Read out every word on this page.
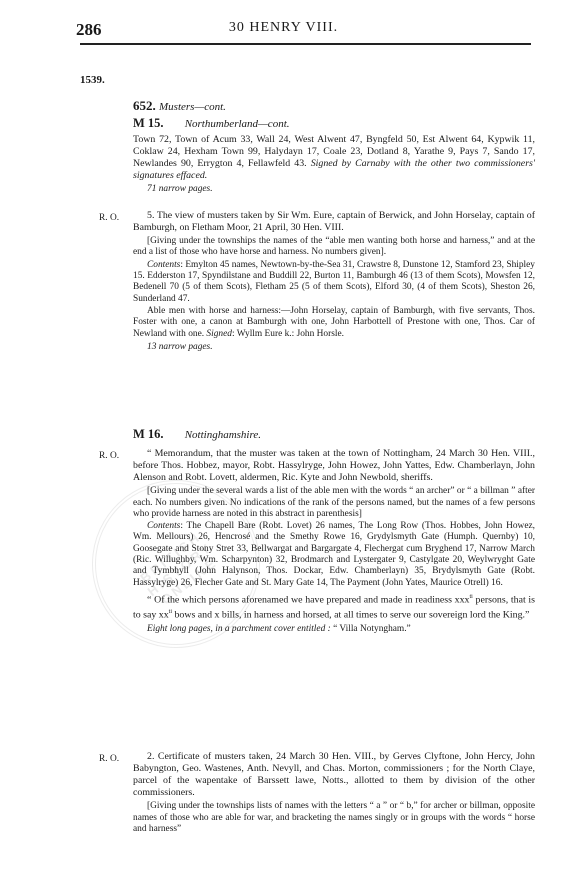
286	30 HENRY VIII.
1539.
BRITISH HISTORY ONLINE
652. Musters—cont.
M 15. Northumberland—cont.

Town 72, Town of Acum 33, Wall 24, West Alwent 47, Byngfeld 50, Est Alwent 64, Kypwik 11, Coklaw 24, Hexham Town 99, Halydayn 17, Coale 23, Dotland 8, Yarathe 9, Pays 7, Sando 17, Newlandes 90, Errygton 4, Fellawfeld 43. Signed by Carnaby with the other two commissioners' signatures effaced.

71 narrow pages.

R. O.	5. The view of musters taken by Sir Wm. Eure, captain of Berwick, and John Horselay, captain of Bamburgh, on Fletham Moor, 21 April, 30 Hen. VIII.

[Giving under the townships the names of the “able men wanting both horse and harness,” and at the end a list of those who have horse and harness. No numbers given].

Contents: Emylton 45 names, Newtown-by-the-Sea 31, Crawstre 8, Dunstone 12, Stamford 23, Shipley 15. Edderston 17, Spyndilstane and Buddill 22, Burton 11, Bamburgh 46 (13 of them Scots), Mowsfen 12, Bedenell 70 (5 of them Scots), Fletham 25 (5 of them Scots), Elford 30, (4 of them Scots), Sheston 26, Sunderland 47.

Able men with horse and harness:—John Horselay, captain of Bamburgh, with five servants, Thos. Foster with one, a canon at Bamburgh with one, John Harbottell of Prestone with one, Thos. Car of Newland with one. Signed: Wyllm Eure k.: John Horsle.

13 narrow pages.

M 16. Nottinghamshire.
R. O.	“ Memorandum, that the muster was taken at the town of Nottingham, 24 March 30 Hen. VIII., before Thos. Hobbez, mayor, Robt. Hassylryge, John Howez, John Yattes, Edw. Chamberlayn, John Alenson and Robt. Lovett, aldermen, Ric. Kyte and John Newbold, sheriffs.

[Giving under the several wards a list of the able men with the words “ an archer” or “ a billman ” after each. No numbers given. No indications of the rank of the persons named, but the names of a few persons who provide harness are noted in this abstract in parenthesis]

Contents: The Chapell Bare (Robt. Lovet) 26 names, The Long Row (Thos. Hobbes, John Howez, Wm. Mellours) 26, Hencrosé and the Smethy Rowe 16, Grydylsmyth Gate (Humph. Quernby) 10, Goosegate and Stony Stret 33, Bellwargat and Bargargate 4, Flechergat cum Bryghend 17, Narrow March (Ric. Willughby, Wm. Scharpynton) 32, Brodmarch and Lystergater 9, Castylgate 20, Weylwryght Gate and Tymbhyll (John Halynson, Thos. Dockar, Edw. Chamberlayn) 35, Brydylsmyth Gate (Robt. Hassylryge) 26, Flecher Gate and St. Mary Gate 14, The Payment (John Yates, Maurice Otrell) 16.

“ Of the which persons aforenamed we have prepared and made in readiness xxx$^{ti}$ persons, that is to say $xx^{ti}$ bows and x bills, in harness and horsed, at all times to serve our sovereign lord the King.”

Eight long pages, in a parchment cover entitled : “ Villa Notyngham.”

R. O.	2. Certificate of musters taken, 24 March 30 Hen. VIII., by Gerves Clyftone, John Hercy, John Babyngton, Geo. Wastenes, Anth. Nevyll, and Chas. Morton, commissioners ; for the North Claye, parcel of the wapentake of Barssett lawe, Notts., allotted to them by division of the other commissioners.

[Giving under the townships lists of names with the letters “ a ” or “ b,” for archer or billman, opposite names of those who are able for war, and bracketing the names singly or in groups with the words “ horse and harness”
